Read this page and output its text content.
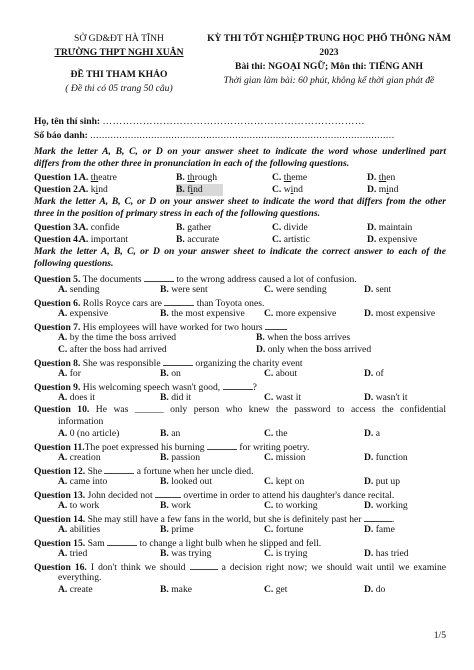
SỞ GD&ĐT HÀ TĨNH
TRƯỜNG THPT NGHI XUÂN
ĐỀ THI THAM KHẢO
( Đề thi có 05 trang 50 câu)
KỲ THI TỐT NGHIỆP TRUNG HỌC PHỔ THÔNG NĂM 2023
Bài thi: NGOẠI NGỮ; Môn thi: TIẾNG ANH
Thời gian làm bài: 60 phút, không kể thời gian phát đề
Họ, tên thí sinh: ……………………………………………………………………
Số báo danh: .........................................................................................................
Mark the letter A, B, C, or D on your answer sheet to indicate the word whose underlined part
differs from the other three in pronunciation in each of the following questions.
Question 1.
A. theatre	B. through	C. theme	D. then
Question 2.
A. kind	B. find	C. wind	D. mind
Mark the letter A, B, C, or D on your answer sheet to indicate the word that differs from the other
three in the position of primary stress in each of the following questions.
Question 3.
A. confide	B. gather	C. divide	D. maintain
Question 4.
A. important	B. accurate	C. artistic	D. expensive
Mark the letter A, B, C, or D on your answer sheet to indicate the correct answer to each of the
following questions.
Question 5. The documents	to the wrong address caused a lot of confusion.
A. sending	B. were sent	C. were sending	D. sent
Question 6. Rolls Royce cars are	than Toyota ones.
A. expensive	B. the most expensive C. more expensive	D. most expensive
Question 7. His employees will have worked for two hours
A. by the time the boss arrived	B. when the boss arrives
C. after the boss had arrived	D. only when the boss arrived
Question 8. She was responsible	organizing the charity event
A. for	B. on	C. about	D. of
Question 9. His welcoming speech wasn't good,	?
A. does it	B. did it	C. wast it	D. wasn't it
Question 10. He was ______ only person who knew the password to access the confidential
information
A. 0 (no article)	B. an	C. the	D. a
Question 11.The poet expressed his burning	for writing poetry.
A. creation	B. passion	C. mission	D. function
Question 12. She	a fortune when her uncle died.
A. came into	B. looked out	C. kept on	D. put up
Question 13. John decided not	overtime in order to attend his daughter's dance recital.
A. to work	B. work	C. to working	D. working
Question 14. She may still have a few fans in the world, but she is definitely past her	.
A. abilities	B. prime	C. fortune	D. fame
Question 15. Sam	to change a light bulb when he slipped and fell.
A. tried	B. was trying	C. is trying	D. has tried
Question 16. I don't think we should	a decision right now; we should wait until we examine
everything.
A. create	B. make	C. get	D. do
1/5
